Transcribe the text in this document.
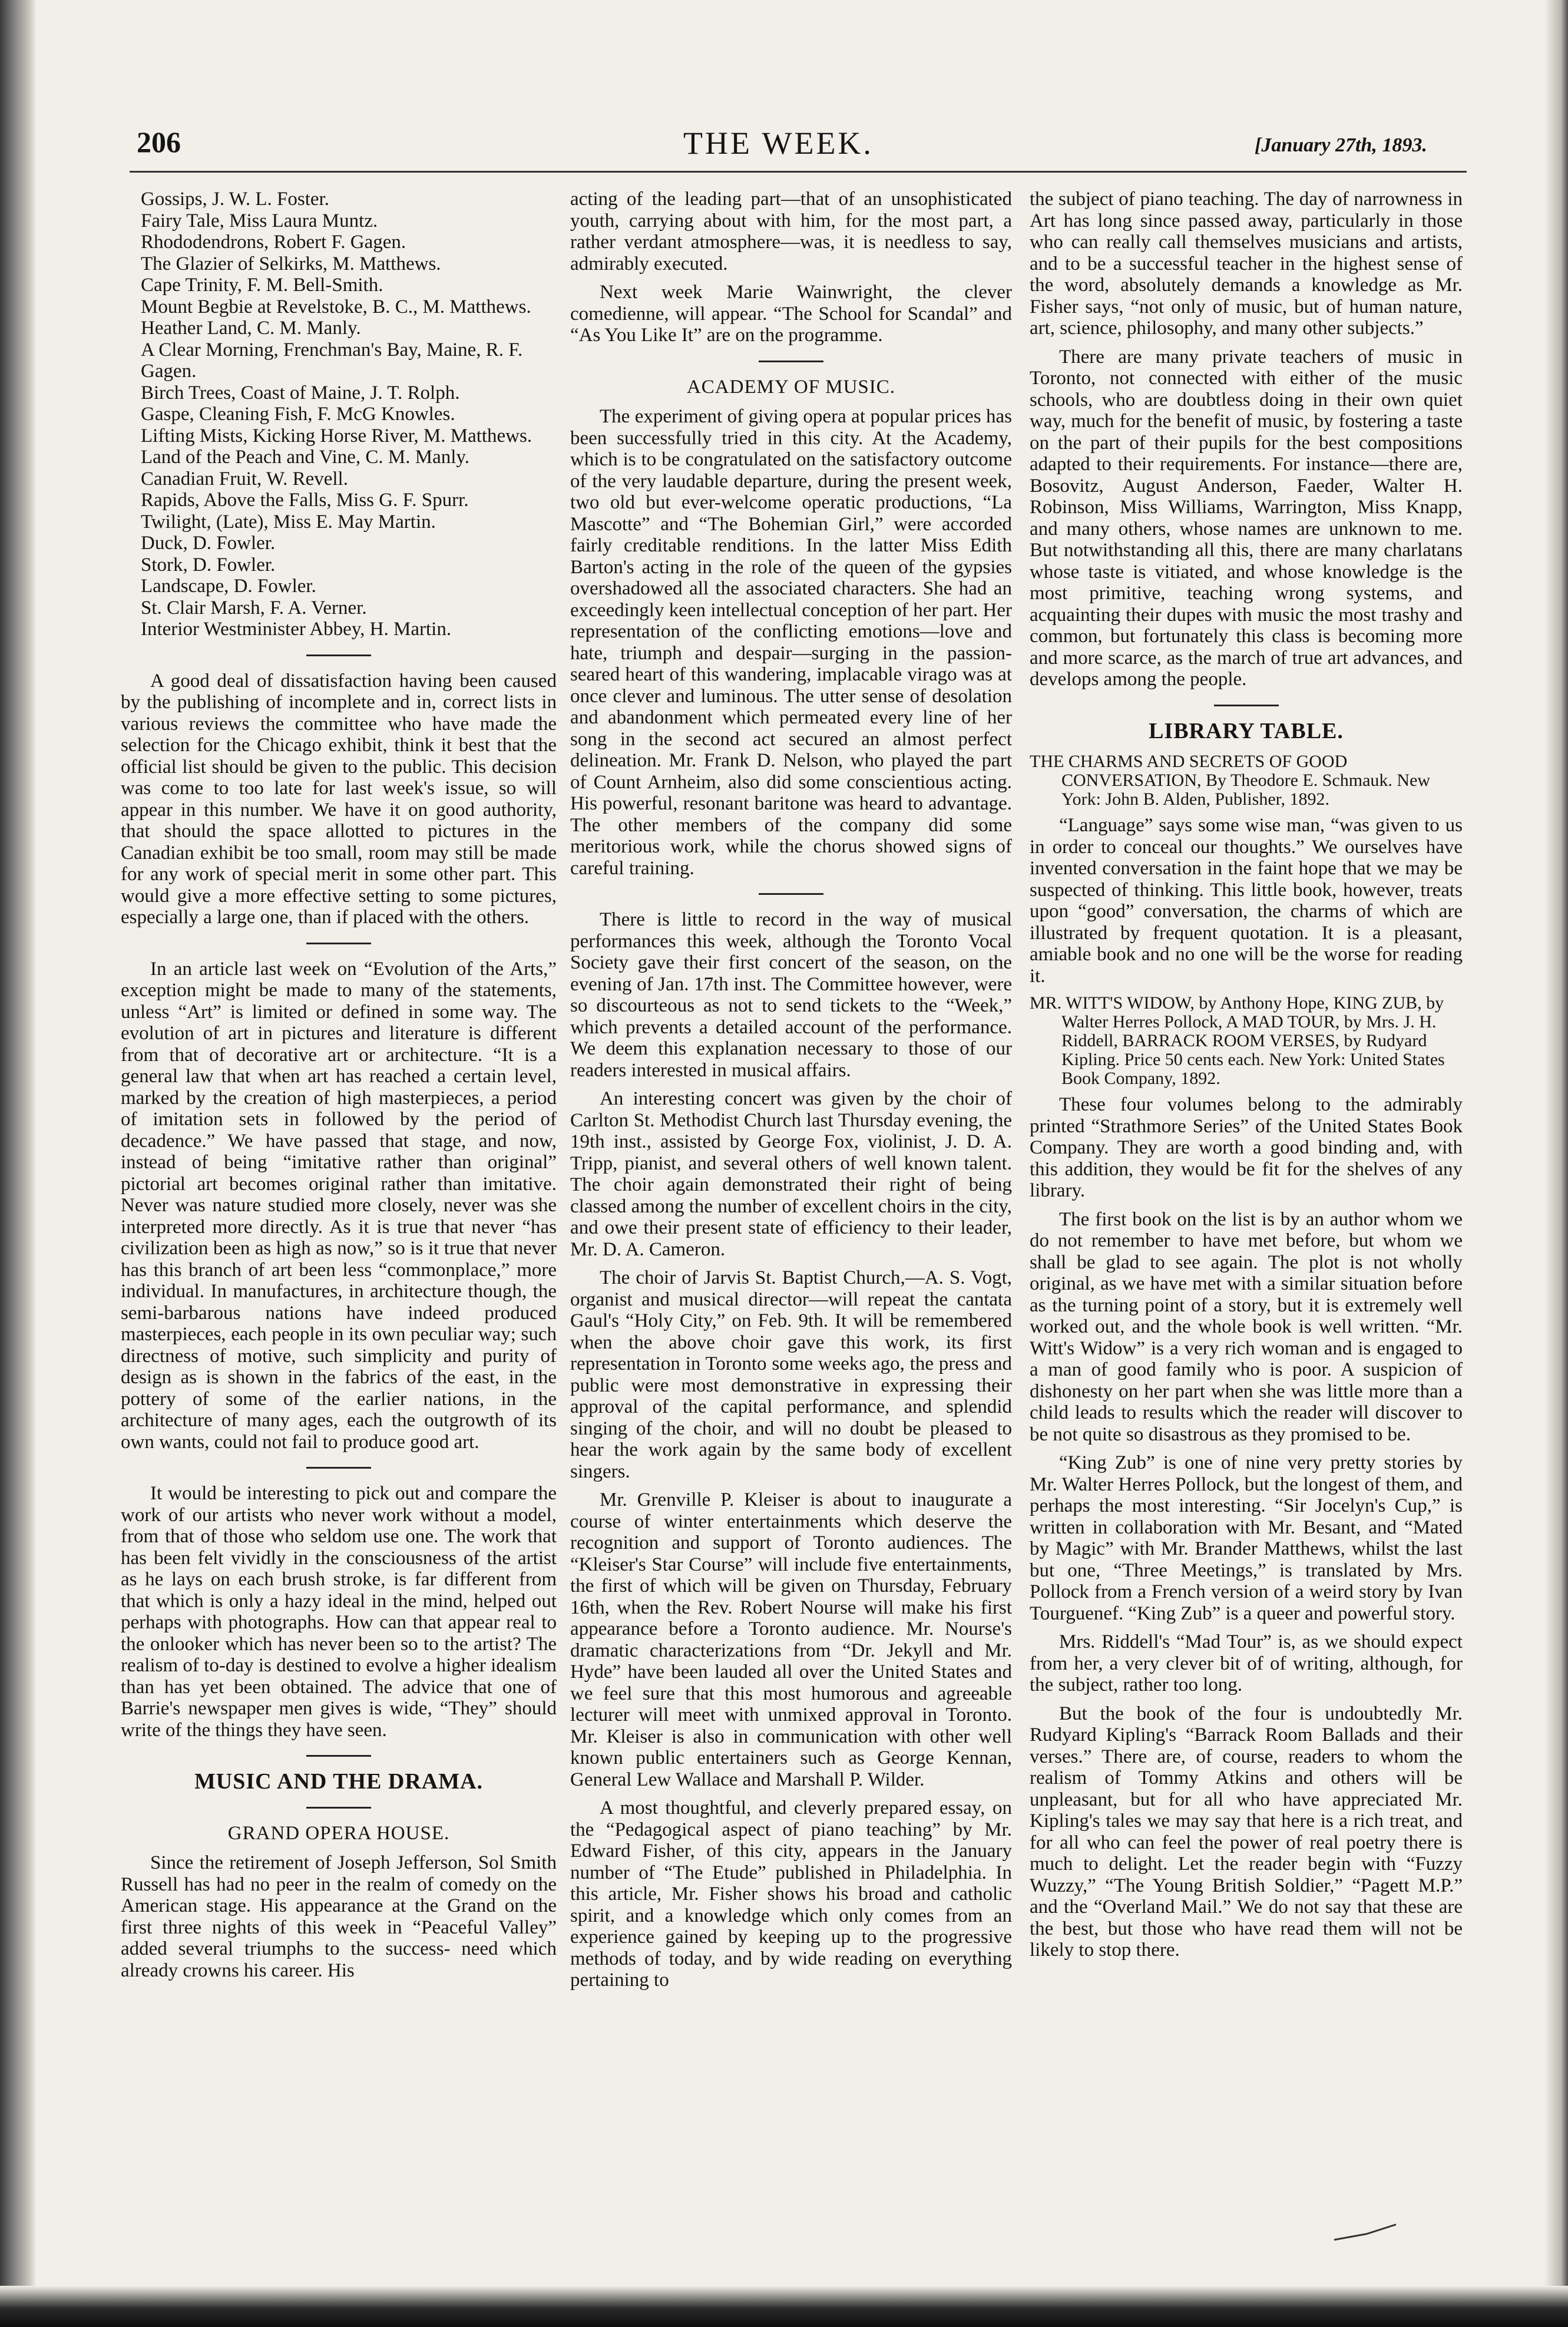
206	THE WEEK.	[January 27th, 1893.
Gossips, J. W. L. Foster.
Fairy Tale, Miss Laura Muntz.
Rhododendrons, Robert F. Gagen.
The Glazier of Selkirks, M. Matthews.
Cape Trinity, F. M. Bell-Smith.
Mount Begbie at Revelstoke, B. C., M. Matthews.
Heather Land, C. M. Manly.
A Clear Morning, Frenchman's Bay, Maine, R. F. Gagen.
Birch Trees, Coast of Maine, J. T. Rolph.
Gaspe, Cleaning Fish, F. McG Knowles.
Lifting Mists, Kicking Horse River, M. Matthews.
Land of the Peach and Vine, C. M. Manly.
Canadian Fruit, W. Revell.
Rapids, Above the Falls, Miss G. F. Spurr.
Twilight, (Late), Miss E. May Martin.
Duck, D. Fowler.
Stork, D. Fowler.
Landscape, D. Fowler.
St. Clair Marsh, F. A. Verner.
Interior Westminister Abbey, H. Martin.

A good deal of dissatisfaction having been caused by the publishing of incomplete and in, correct lists in various reviews the committee who have made the selection for the Chicago exhibit, think it best that the official list should be given to the public. This decision was come to too late for last week's issue, so will appear in this number. We have it on good authority, that should the space allotted to pictures in the Canadian exhibit be too small, room may still be made for any work of special merit in some other part. This would give a more effective setting to some pictures, especially a large one, than if placed with the others.

In an article last week on “Evolution of the Arts,” exception might be made to many of the statements, unless “Art” is limited or defined in some way. The evolution of art in pictures and literature is different from that of decorative art or architecture. “It is a general law that when art has reached a certain level, marked by the creation of high masterpieces, a period of imitation sets in followed by the period of decadence.” We have passed that stage, and now, instead of being “imitative rather than original” pictorial art becomes original rather than imitative. Never was nature studied more closely, never was she interpreted more directly. As it is true that never “has civilization been as high as now,” so is it true that never has this branch of art been less “commonplace,” more individual. In manufactures, in architecture though, the semi-barbarous nations have indeed produced masterpieces, each people in its own peculiar way; such directness of motive, such simplicity and purity of design as is shown in the fabrics of the east, in the pottery of some of the earlier nations, in the architecture of many ages, each the outgrowth of its own wants, could not fail to produce good art.

It would be interesting to pick out and compare the work of our artists who never work without a model, from that of those who seldom use one. The work that has been felt vividly in the consciousness of the artist as he lays on each brush stroke, is far different from that which is only a hazy ideal in the mind, helped out perhaps with photographs. How can that appear real to the onlooker which has never been so to the artist? The realism of to-day is destined to evolve a higher idealism than has yet been obtained. The advice that one of Barrie's newspaper men gives is wide, “They” should write of the things they have seen.

MUSIC AND THE DRAMA.
GRAND OPERA HOUSE.

Since the retirement of Joseph Jefferson, Sol Smith Russell has had no peer in the realm of comedy on the American stage. His appearance at the Grand on the first three nights of this week in “Peaceful Valley” added several triumphs to the success- need which already crowns his career. His

acting of the leading part—that of an unsophisticated youth, carrying about with him, for the most part, a rather verdant atmosphere—was, it is needless to say, admirably executed.

Next week Marie Wainwright, the clever comedienne, will appear. “The School for Scandal” and “As You Like It” are on the programme.

ACADEMY OF MUSIC.

The experiment of giving opera at popular prices has been successfully tried in this city. At the Academy, which is to be congratulated on the satisfactory outcome of the very laudable departure, during the present week, two old but ever-welcome operatic productions, “La Mascotte” and “The Bohemian Girl,” were accorded fairly creditable renditions. In the latter Miss Edith Barton's acting in the role of the queen of the gypsies overshadowed all the associated characters. She had an exceedingly keen intellectual conception of her part. Her representation of the conflicting emotions—love and hate, triumph and despair—surging in the passion-seared heart of this wandering, implacable virago was at once clever and luminous. The utter sense of desolation and abandonment which permeated every line of her song in the second act secured an almost perfect delineation. Mr. Frank D. Nelson, who played the part of Count Arnheim, also did some conscientious acting. His powerful, resonant baritone was heard to advantage. The other members of the company did some meritorious work, while the chorus showed signs of careful training.

There is little to record in the way of musical performances this week, although the Toronto Vocal Society gave their first concert of the season, on the evening of Jan. 17th inst. The Committee however, were so discourteous as not to send tickets to the “Week,” which prevents a detailed account of the performance. We deem this explanation necessary to those of our readers interested in musical affairs.

An interesting concert was given by the choir of Carlton St. Methodist Church last Thursday evening, the 19th inst., assisted by George Fox, violinist, J. D. A. Tripp, pianist, and several others of well known talent. The choir again demonstrated their right of being classed among the number of excellent choirs in the city, and owe their present state of efficiency to their leader, Mr. D. A. Cameron.

The choir of Jarvis St. Baptist Church,—A. S. Vogt, organist and musical director—will repeat the cantata Gaul's “Holy City,” on Feb. 9th. It will be remembered when the above choir gave this work, its first representation in Toronto some weeks ago, the press and public were most demonstrative in expressing their approval of the capital performance, and splendid singing of the choir, and will no doubt be pleased to hear the work again by the same body of excellent singers.

Mr. Grenville P. Kleiser is about to inaugurate a course of winter entertainments which deserve the recognition and support of Toronto audiences. The “Kleiser's Star Course” will include five entertainments, the first of which will be given on Thursday, February 16th, when the Rev. Robert Nourse will make his first appearance before a Toronto audience. Mr. Nourse's dramatic characterizations from “Dr. Jekyll and Mr. Hyde” have been lauded all over the United States and we feel sure that this most humorous and agreeable lecturer will meet with unmixed approval in Toronto. Mr. Kleiser is also in communication with other well known public entertainers such as George Kennan, General Lew Wallace and Marshall P. Wilder.

A most thoughtful, and cleverly prepared essay, on the “Pedagogical aspect of piano teaching” by Mr. Edward Fisher, of this city, appears in the January number of “The Etude” published in Philadelphia. In this article, Mr. Fisher shows his broad and catholic spirit, and a knowledge which only comes from an experience gained by keeping up to the progressive methods of today, and by wide reading on everything pertaining to

the subject of piano teaching. The day of narrowness in Art has long since passed away, particularly in those who can really call themselves musicians and artists, and to be a successful teacher in the highest sense of the word, absolutely demands a knowledge as Mr. Fisher says, “not only of music, but of human nature, art, science, philosophy, and many other subjects.”

There are many private teachers of music in Toronto, not connected with either of the music schools, who are doubtless doing in their own quiet way, much for the benefit of music, by fostering a taste on the part of their pupils for the best compositions adapted to their requirements. For instance—there are, Bosovitz, August Anderson, Faeder, Walter H. Robinson, Miss Williams, Warrington, Miss Knapp, and many others, whose names are unknown to me. But notwithstanding all this, there are many charlatans whose taste is vitiated, and whose knowledge is the most primitive, teaching wrong systems, and acquainting their dupes with music the most trashy and common, but fortunately this class is becoming more and more scarce, as the march of true art advances, and develops among the people.

LIBRARY TABLE.
THE CHARMS AND SECRETS OF GOOD CONVERSATION, By Theodore E. Schmauk. New York: John B. Alden, Publisher, 1892.

“Language” says some wise man, “was given to us in order to conceal our thoughts.” We ourselves have invented conversation in the faint hope that we may be suspected of thinking. This little book, however, treats upon “good” conversation, the charms of which are illustrated by frequent quotation. It is a pleasant, amiable book and no one will be the worse for reading it.

MR. WITT'S WIDOW, by Anthony Hope, KING ZUB, by Walter Herres Pollock, A MAD TOUR, by Mrs. J. H. Riddell, BARRACK ROOM VERSES, by Rudyard Kipling. Price 50 cents each. New York: United States Book Company, 1892.

These four volumes belong to the admirably printed “Strathmore Series” of the United States Book Company. They are worth a good binding and, with this addition, they would be fit for the shelves of any library.

The first book on the list is by an author whom we do not remember to have met before, but whom we shall be glad to see again. The plot is not wholly original, as we have met with a similar situation before as the turning point of a story, but it is extremely well worked out, and the whole book is well written. “Mr. Witt's Widow” is a very rich woman and is engaged to a man of good family who is poor. A suspicion of dishonesty on her part when she was little more than a child leads to results which the reader will discover to be not quite so disastrous as they promised to be.

“King Zub” is one of nine very pretty stories by Mr. Walter Herres Pollock, but the longest of them, and perhaps the most interesting. “Sir Jocelyn's Cup,” is written in collaboration with Mr. Besant, and “Mated by Magic” with Mr. Brander Matthews, whilst the last but one, “Three Meetings,” is translated by Mrs. Pollock from a French version of a weird story by Ivan Tourguenef. “King Zub” is a queer and powerful story.

Mrs. Riddell's “Mad Tour” is, as we should expect from her, a very clever bit of of writing, although, for the subject, rather too long.

But the book of the four is undoubtedly Mr. Rudyard Kipling's “Barrack Room Ballads and their verses.” There are, of course, readers to whom the realism of Tommy Atkins and others will be unpleasant, but for all who have appreciated Mr. Kipling's tales we may say that here is a rich treat, and for all who can feel the power of real poetry there is much to delight. Let the reader begin with “Fuzzy Wuzzy,” “The Young British Soldier,” “Pagett M.P.” and the “Overland Mail.” We do not say that these are the best, but those who have read them will not be likely to stop there.
